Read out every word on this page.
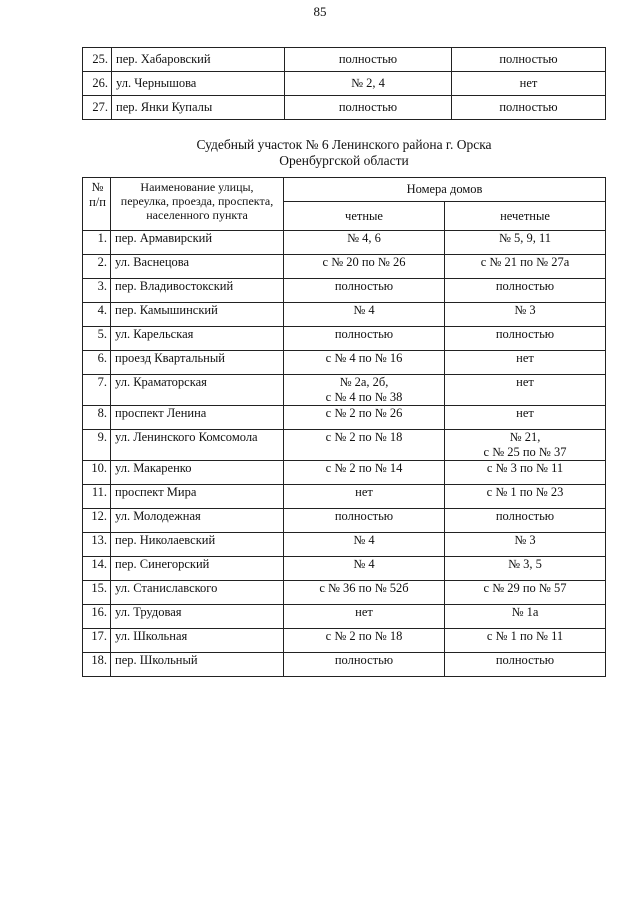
85
25.	пер. Хабаровский	полностью	полностью
26.	ул. Чернышова	№ 2, 4	нет
27.	пер. Янки Купалы	полностью	полностью
Судебный участок № 6 Ленинского района г. Орска
Оренбургской области
№ п/п	Наименование улицы, переулка, проезда, проспекта, населенного пункта	Номера домов	
		четные	нечетные
1.	пер. Армавирский	№ 4, 6	№ 5, 9, 11
2.	ул. Васнецова	с № 20 по № 26	с № 21 по № 27а
3.	пер. Владивостокский	полностью	полностью
4.	пер. Камышинский	№ 4	№ 3
5.	ул. Карельская	полностью	полностью
6.	проезд Квартальный	с № 4 по № 16	нет
7.	ул. Краматорская	№ 2а, 2б,
с № 4 по № 38	нет
8.	проспект Ленина	с № 2 по № 26	нет
9.	ул. Ленинского Комсомола	с № 2 по № 18	№ 21,
с № 25 по № 37
10.	ул. Макаренко	с № 2 по № 14	с № 3 по № 11
11.	проспект Мира	нет	с № 1 по № 23
12.	ул. Молодежная	полностью	полностью
13.	пер. Николаевский	№ 4	№ 3
14.	пер. Синегорский	№ 4	№ 3, 5
15.	ул. Станиславского	с № 36 по № 52б	с № 29 по № 57
16.	ул. Трудовая	нет	№ 1а
17.	ул. Школьная	с № 2 по № 18	с № 1 по № 11
18.	пер. Школьный	полностью	полностью
